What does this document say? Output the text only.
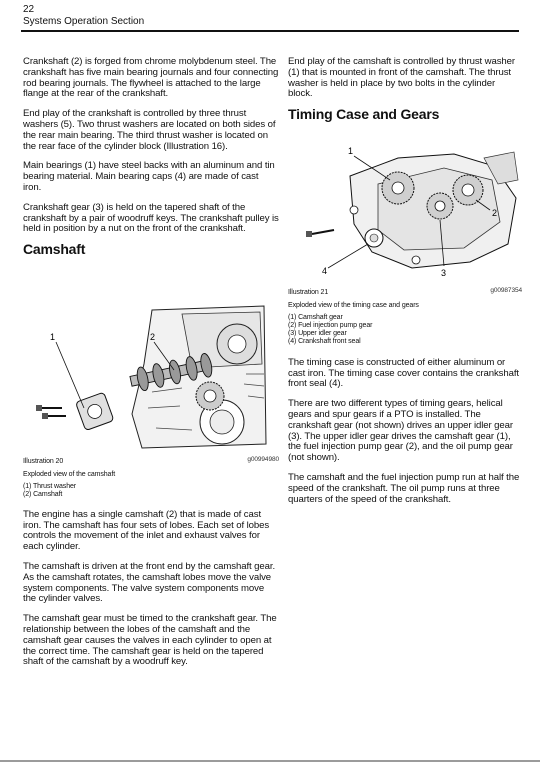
22
Systems Operation Section

Crankshaft (2) is forged from chrome molybdenum steel. The crankshaft has five main bearing journals and four connecting rod bearing journals. The flywheel is attached to the large flange at the rear of the crankshaft.

End play of the crankshaft is controlled by three thrust washers (5). Two thrust washers are located on both sides of the rear main bearing. The third thrust washer is located on the rear face of the cylinder block (Illustration 16).

Main bearings (1) have steel backs with an aluminum and tin bearing material. Main bearing caps (4) are made of cast iron.

Crankshaft gear (3) is held on the tapered shaft of the crankshaft by a pair of woodruff keys. The crankshaft pulley is held in position by a nut on the front of the crankshaft.

Camshaft
1	2
Illustration 20	g00994980
Exploded view of the camshaft
(1) Thrust washer
(2) Camshaft

The engine has a single camshaft (2) that is made of cast iron. The camshaft has four sets of lobes. Each set of lobes controls the movement of the inlet and exhaust valves for each cylinder.

The camshaft is driven at the front end by the camshaft gear. As the camshaft rotates, the camshaft lobes move the valve system components. The valve system components move the cylinder valves.

The camshaft gear must be timed to the crankshaft gear. The relationship between the lobes of the camshaft and the camshaft gear causes the valves in each cylinder to open at the correct time. The camshaft gear is held on the tapered shaft of the camshaft by a woodruff key.

End play of the camshaft is controlled by thrust washer (1) that is mounted in front of the camshaft. The thrust washer is held in place by two bolts in the cylinder block.

Timing Case and Gears
1
2
3
4
Illustration 21	g00987354
Exploded view of the timing case and gears
(1) Camshaft gear
(2) Fuel injection pump gear
(3) Upper idler gear
(4) Crankshaft front seal

The timing case is constructed of either aluminum or cast iron. The timing case cover contains the crankshaft front seal (4).

There are two different types of timing gears, helical gears and spur gears if a PTO is installed. The crankshaft gear (not shown) drives an upper idler gear (3). The upper idler gear drives the camshaft gear (1), the fuel injection pump gear (2), and the oil pump gear (not shown).

The camshaft and the fuel injection pump run at half the speed of the crankshaft. The oil pump runs at three quarters of the speed of the crankshaft.
